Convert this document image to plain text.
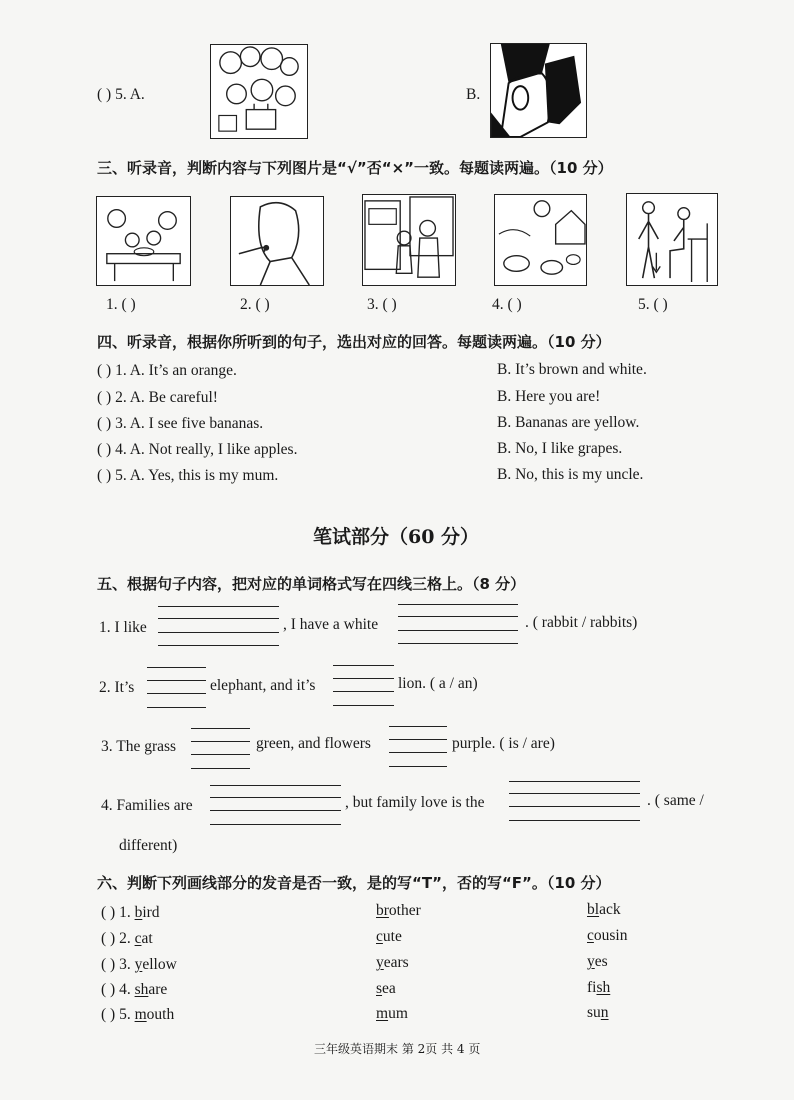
( ) 5. A.	B.
三、听录音，判断内容与下列图片是“√”否“×”一致。每题读两遍。（10 分）
1. ( )	2. ( )	3. ( )	4. ( )	5. ( )
四、听录音，根据你所听到的句子，选出对应的回答。每题读两遍。（10 分）
( ) 1. A. It’s an orange.	B. It’s brown and white.
( ) 2. A. Be careful!	B. Here you are!
( ) 3. A. I see five bananas.	B. Bananas are yellow.
( ) 4. A. Not really, I like apples.	B. No, I like grapes.
( ) 5. A. Yes, this is my mum.	B. No, this is my uncle.
笔试部分（60 分）
五、根据句子内容，把对应的单词格式写在四线三格上。（8 分）
1. I like	, I have a white	. ( rabbit / rabbits)
2. It’s	elephant, and it’s	lion. ( a / an)
3. The grass	green, and flowers	purple. ( is / are)
4. Families are	, but family love is the	. ( same /
different)
六、判断下列画线部分的发音是否一致，是的写“T”，否的写“F”。（10 分）
( ) 1. bird	brother	black
( ) 2. cat	cute	cousin
( ) 3. yellow	years	yes
( ) 4. share	sea	fish
( ) 5. mouth	mum	sun
三年级英语期末 第 2页 共 4 页
